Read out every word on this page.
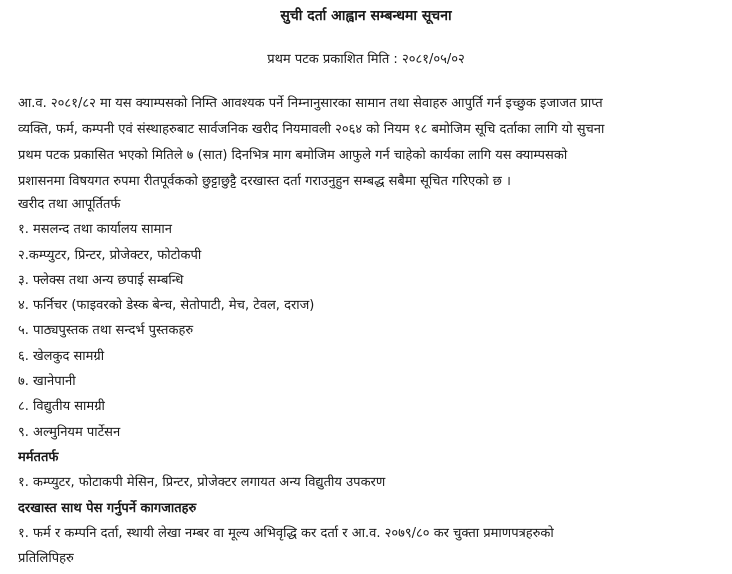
सुची दर्ता आह्वान सम्बन्धमा सूचना
प्रथम पटक प्रकाशित मिति : २०८१/०५/०२
आ.व. २०८१/८२ मा यस क्याम्पसको निम्ति आवश्यक पर्ने निम्नानुसारका सामान तथा सेवाहरु आपुर्ति गर्न इच्छुक इजाजत प्राप्त
व्यक्ति, फर्म, कम्पनी एवं संस्थाहरुबाट सार्वजनिक खरीद नियमावली २०६४ को नियम १८ बमोजिम सूचि दर्ताका लागि यो सुचना
प्रथम पटक प्रकासित भएको मितिले ७ (सात) दिनभित्र माग बमोजिम आफुले गर्न चाहेको कार्यका लागि यस क्याम्पसको
प्रशासनमा विषयगत रुपमा रीतपूर्वकको छुट्टाछुट्टै दरखास्त दर्ता गराउनुहुन सम्बद्ध सबैमा सूचित गरिएको छ ।
खरीद तथा आपूर्तितर्फ
१. मसलन्द तथा कार्यालय सामान
२.कम्प्युटर, प्रिन्टर, प्रोजेक्टर, फोटोकपी
३. फ्लेक्स तथा अन्य छपाई सम्बन्धि
४. फर्निचर (फाइवरको डेस्क बेन्च, सेतोपाटी, मेच, टेवल, दराज)
५. पाठ्यपुस्तक तथा सन्दर्भ पुस्तकहरु
६. खेलकुद सामग्री
७. खानेपानी
८. विद्युतीय सामग्री
९. अल्मुनियम पार्टेसन
मर्मततर्फ
१. कम्प्युटर, फोटाकपी मेसिन, प्रिन्टर, प्रोजेक्टर लगायत अन्य विद्युतीय उपकरण
दरखास्त साथ पेस गर्नुपर्ने कागजातहरु
१. फर्म र कम्पनि दर्ता, स्थायी लेखा नम्बर वा मूल्य अभिवृद्धि कर दर्ता र आ.व. २०७९/८० कर चुक्ता प्रमाणपत्रहरुको
प्रतिलिपिहरु
